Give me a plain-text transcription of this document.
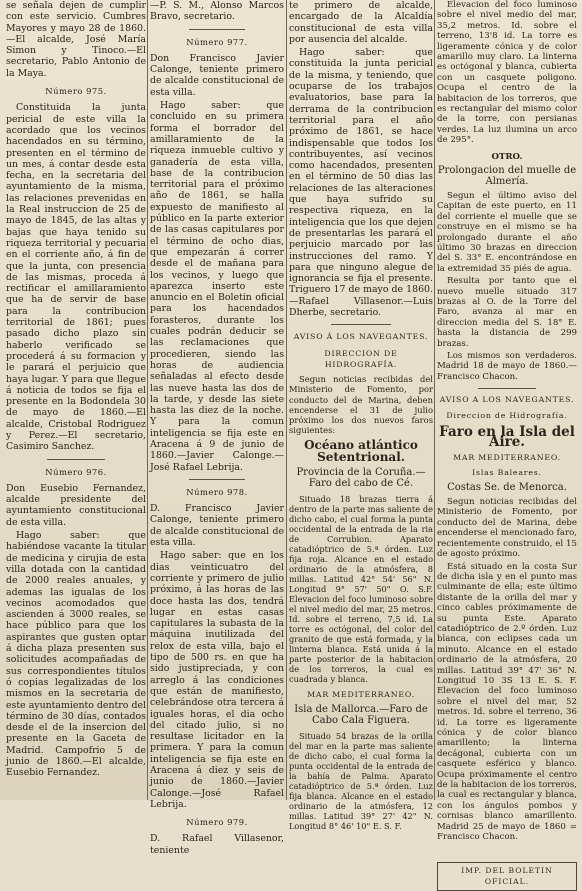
se señala dejen de cumplir con este servicio. Cumbres Mayores y mayo 28 de 1860. —El alcalde, José María Simon y Tinoco.—El secretario, Pablo Antonio de la Maya.

Número 975.

Constituida la junta pericial de este villa la acordado que los vecinos hacendados en su término, presenten en el término de un mes, á contar desde esta fecha, en la secretaria del ayuntamiento de la misma, las relaciones prevenidas en la Real instruccion de 25 de mayo de 1845, de las altas y bajas que haya tenido su riqueza territorial y pecuaria en el corriente año, á fin de que la junta, con presencia de las mismas, proceda á rectificar el amillaramiento que ha de servir de base para la contribucion territorial de 1861; pues pasado dicho plazo sin haberlo verificado se procederá á su formacion y le parará el perjuicio que haya lugar. Y para que llegue á noticia de todos se fija el presente en la Bodondela 30 de mayo de 1860.—El alcalde, Cristobal Rodriguez y Perez.—El secretario, Casimiro Sanchez.

Número 976.

Don Eusebio Fernandez, alcalde presidente del ayuntamiento constitucional de esta villa.

Hago saber: que habiéndose vacante la titular de medicina y cirujia de esta villa dotada con la cantidad de 2000 reales anuales, y ademas las igualas de los vecinos acomodados que ascienden á 3000 reales, se hace público para que los aspirantes que gusten optar á dicha plaza presenten sus solicitudes acompañadas de sus correspondientes títulos ó copias legalizadas de los mismos en la secretaria de este ayuntamiento dentro del término de 30 días, contados desde el de la insercion del presente en la Gaceta de Madrid. Campofrio 5 de junio de 1860.—El alcalde, Eusebio Fernandez.

—P. S. M., Alonso Marcos Bravo, secretario.

Número 977.

Don Francisco Javier Calonge, teniente primero de alcalde constitucional de esta villa.

Hago saber: que concluido en su primera forma el borrador del amillaramiento de la riqueza inmueble cultivo y ganadería de esta villa, base de la contribucion territorial para el próximo año de 1861, se halla expuesto de manifiesto al público en la parte exterior de las casas capitulares por el término de ocho dias, que empezarán á correr desde el de mañana para los vecinos, y luego que aparezca inserto este anuncio en el Boletin oficial para los hacendados forasteros, durante los cuales podrán deducir se las reclamaciones que procedieren, siendo las horas de audiencia señaladas al efecto desde las nueve hasta las dos de la tarde, y desde las siete hasta las diez de la noche. Y para la comun inteligencia se fija este en Aracena á 9 de junio de 1860.—Javier Calonge.—José Rafael Lebrija.

Número 978.

D. Francisco Javier Calonge, teniente primero de alcalde constitucional de esta villa.

Hago saber: que en los dias veinticuatro del corriente y primero de julio próximo, á las horas de las doce hasta las dos, tendrá lugar en estas casas capitulares la subasta de la máquina inutilizada del relox de esta villa, bajo el tipo de 500 rs. en que ha sido justipreciada, y con arreglo á las condiciones que están de manifiesto, celebrándose otra tercera á iguales horas, el dia ocho del citado julio, si no resultase licitador en la primera. Y para la comun inteligencia se fija este en Aracena á diez y seis de junio de 1860.—Javier Calonge.—José Rafael Lebrija.

Número 979.

D. Rafael Villasenor, teniente

te primero de alcalde, encargado de la Alcaldía constitucional de esta villa por ausencia del alcalde.

Hago saber: que constituida la junta pericial de la misma, y teniendo, que ocuparse de los trabajos evaluatorios, base para la derrama de la contribucion territorial para el año próximo de 1861, se hace indispensable que todos los contribuyentes, así vecinos como hacendados, presenten en el término de 50 dias las relaciones de las alteraciones que haya sufrido su respectiva riqueza, en la inteligencia que los que dejen de presentarlas les parará el perjuicio marcado por las instrucciones del ramo. Y para que ninguno alegue de ignorancia se fija el presente. Triguero 17 de mayo de 1860.—Rafael Villasenor.—Luis Dherbe, secretario.

AVISO Á LOS NAVEGANTES.
DIRECCION DE HIDROGRAFÍA.

Segun noticias recibidas del Ministerio de Fomento, por conducto del de Marina, deben encenderse el 31 de julio próximo los dos nuevos faros siguientes:

Océano atlántico Setentrional.
Provincia de la Coruña.—Faro del cabo de Cé.

Situado 18 brazas tierra á dentro de la parte mas saliente de dicho cabo, el cual forma la punta occidental de la entrada de la ria de Corrubion. Aparato catadióptrico de 5.ª órden. Luz fija roja. Alcance en el estado ordinario de la atmósfera, 8 millas. Latitud 42° 54' 56" N. Longitud 9° 57' 50" O. S.F. Elevacion del foco luminoso sobre el nivel medio del mar, 25 metros. Id. sobre el terreno, 7,5 id. La torre es octógonal, del color del granito de que está formada, y la linterna blanca. Está unida á la parte posterior de la habitacion de los torreros, la cual es cuadrada y blanca.

MAR MEDITERRANEO.
Isla de Mallorca.—Faro de Cabo Cala Figuera.

Situado 54 brazas de la orilla del mar en la parte mas saliente de dicho cabo, el cual forma la punta occidental de la entrada de la bahía de Palma. Aparato catadióptrico de 5.ª órden. Luz fija blanca. Alcance en el estado ordinario de la atmósfera, 12 millas. Latitud 39° 27' 42" N. Longitud 8° 46' 10" E. S. F.

Elevacion del foco luminoso sobre el nivel medio del mar, 35,2 metros. Id. sobre el terreno, 13'8 id. La torre es ligeramente cónica y de color amarillo muy claro. La linterna es octógonal y blanca, cubierta con un casquete poligono. Ocupa el centro de la habitacion de los torreros, que es rectangular del mismo color de la torre, con persianas verdes. La luz ilumina un arco de 295°.

OTRO.
Prolongacion del muelle de Almería.

Segun el último aviso del Capitan de este puerto, en 11 del corriente el muelle que se construye en el mismo se ha prolongado durante el año último 30 brazas en direccion del S. 33° E. encontrándose en la extremidad 35 piés de agua.

Resulta por tanto que el nuevo muelle situado 317 brazas al O. de la Torre del Faro, avanza al mar en direccion media del S. 18° E. hasta la distancia de 299 brazas.

Los mismos son verdaderos. Madrid 18 de mayo de 1860.—Francisco Chacon.

AVISO A LOS NAVEGANTES.
Direccion de Hidrografía.
Faro en la Isla del Aire.
MAR MEDITERRANEO.
Islas Baleares.
Costas Se. de Menorca.

Segun noticias recibidas del Ministerio de Fomento, por conducto del de Marina, debe encenderse el mencionado faro, recientemente construido, el 15 de agosto próximo.

Está situado en la costa Sur de dicha isla y en el punto mas culminante de ella; este último distante de la orilla del mar y cinco cables próximamente de su punta Este. Aparato catadióptrico de 2.º órden. Luz blanca, con eclipses cada un minuto. Alcance en el estado ordinario de la atmósfera, 20 millas. Latitud 39° 47' 36" N. Longitud 10 3S 13 E. S. F. Elevacion del foco luminoso sobre el nivel del mar, 52 metros. Id. sobre el terreno, 36 id. La torre es ligeramente cónica y de color blanco amarillento; la linterna decágonal, cubierta con un casquete esférico y blanco. Ocupa próximamente el centro de la habitacion de los torreros, la cual es rectangular y blanca, con los ángulos pombos y cornisas blanco amarillento. Madrid 25 de mayo de 1860 = Francisco Chacon.

IMP. DEL BOLETIN OFICIAL.
